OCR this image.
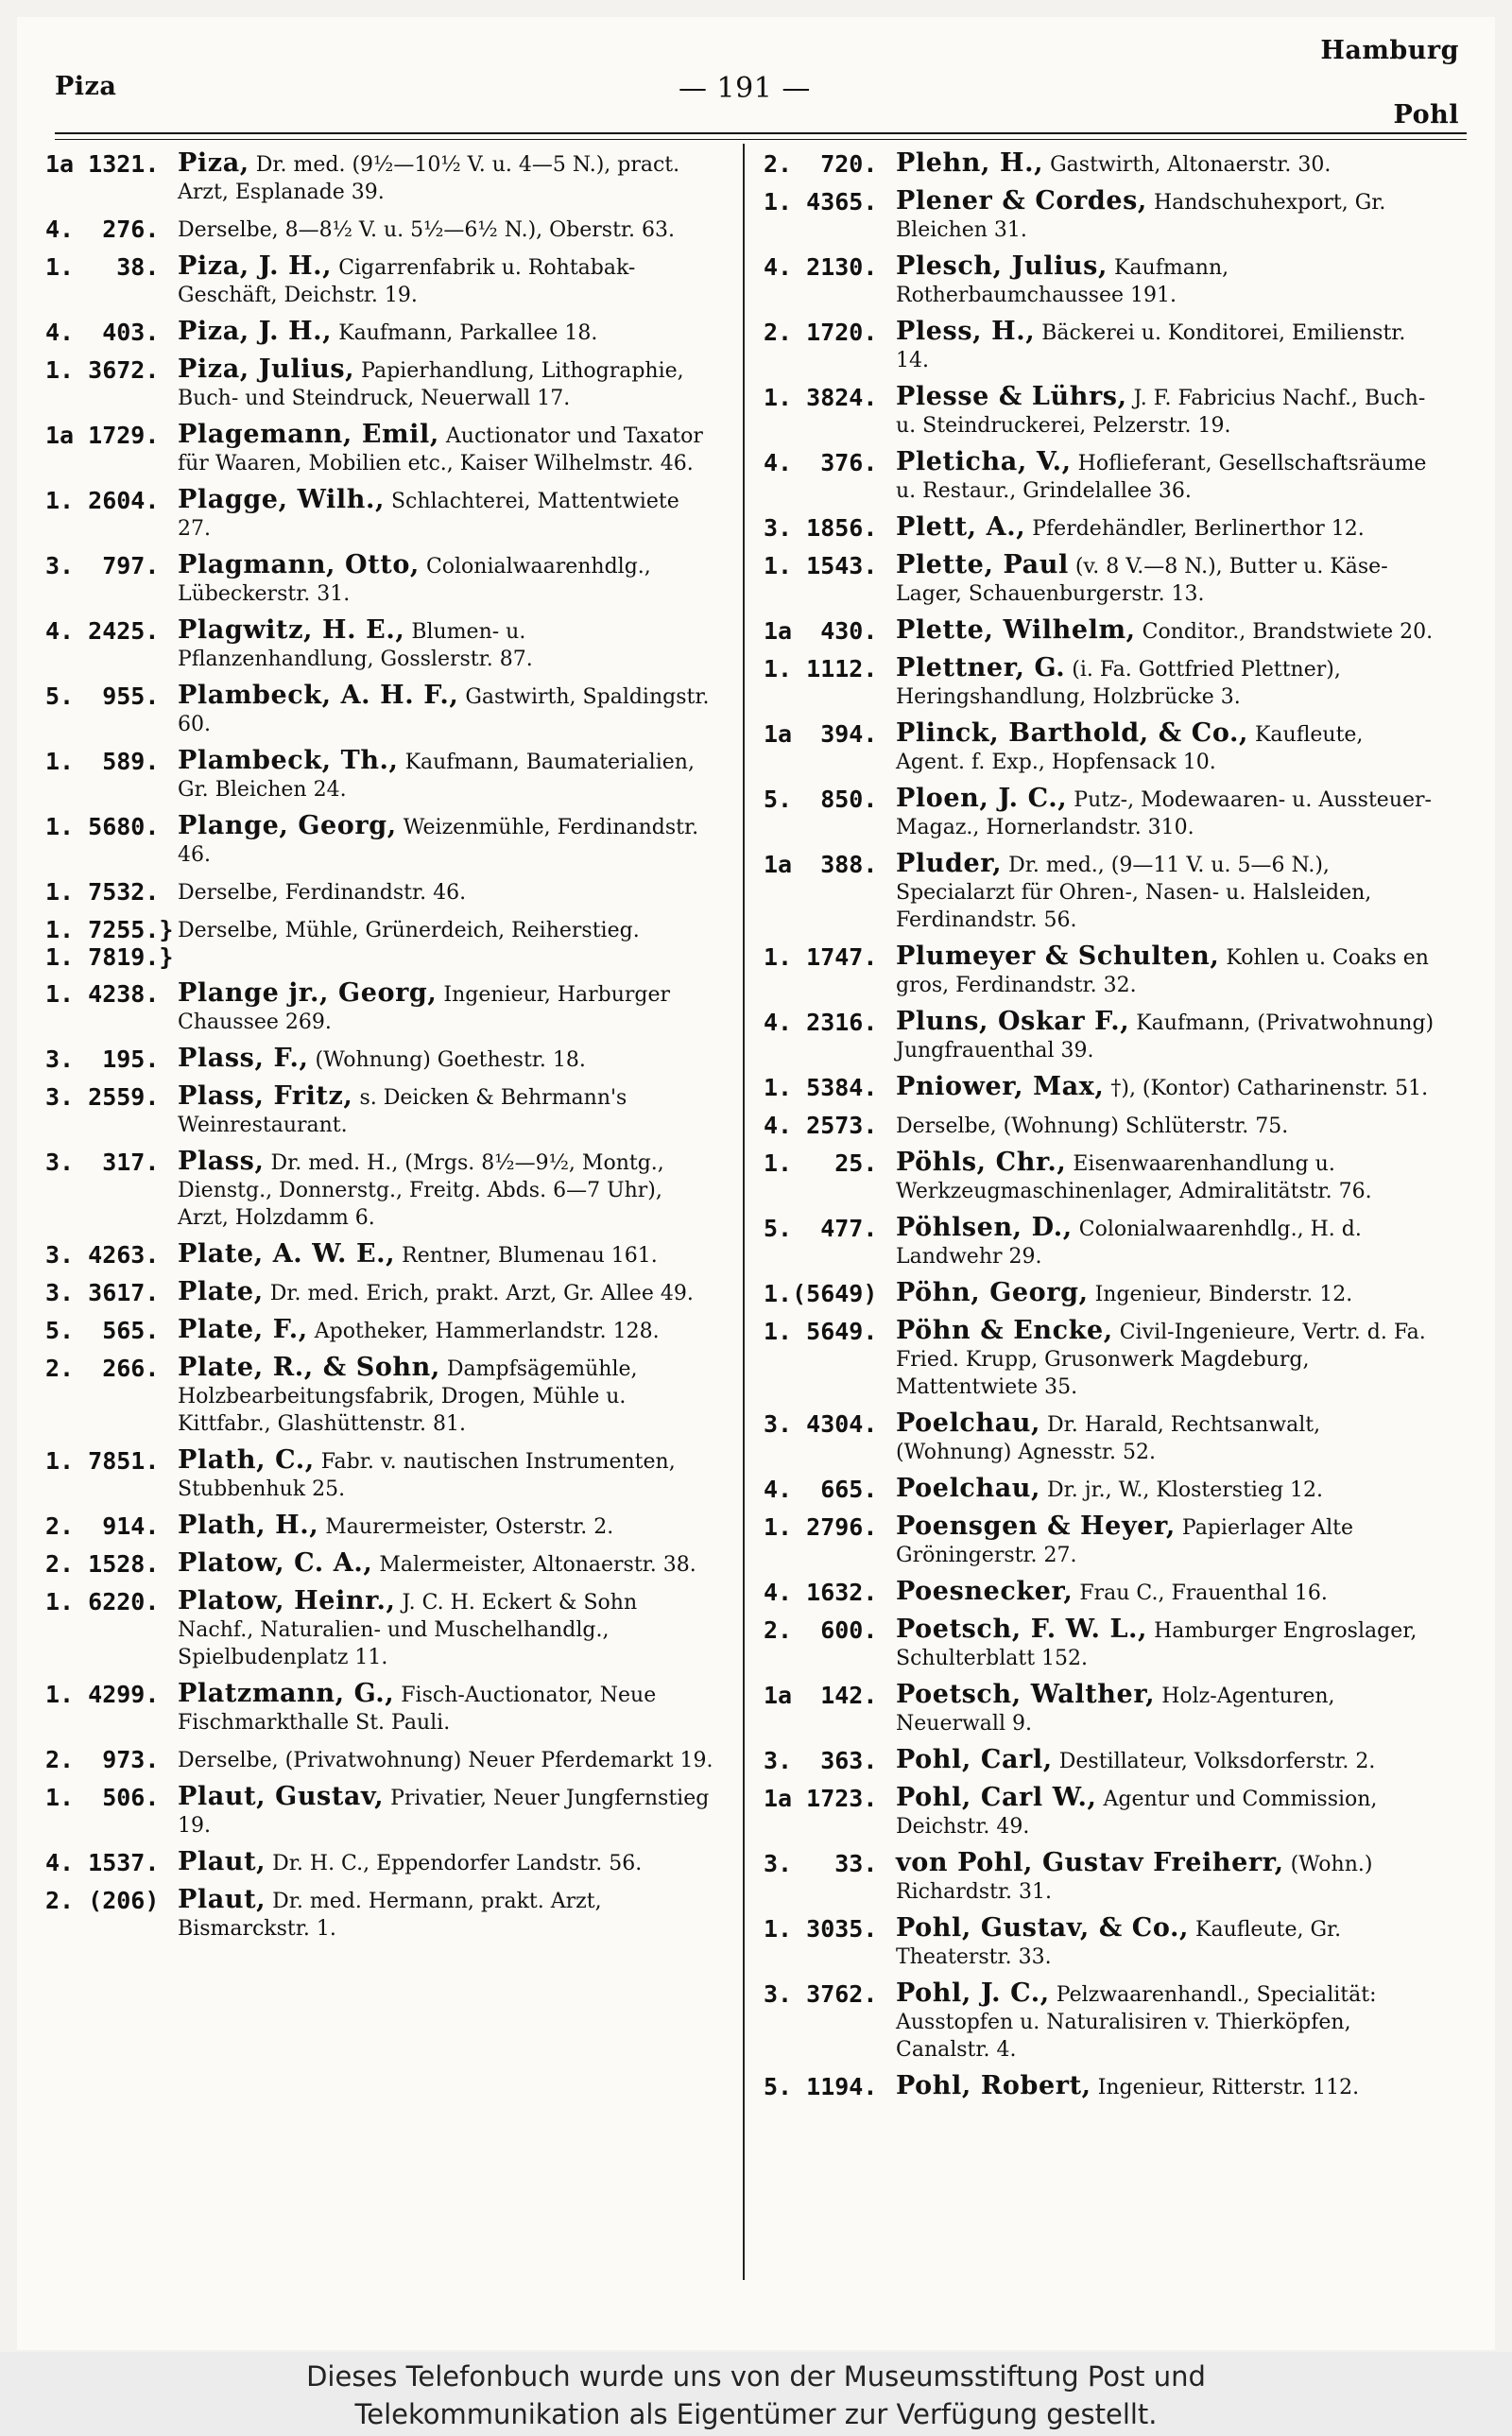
Piza	— 191 —
Hamburg
Pohl
1a 1321. Piza, Dr. med. (9½—10½ V. u. 4—5 N.), pract. Arzt, Esplanade 39.
4.  276. Derselbe, 8—8½ V. u. 5½—6½ N.), Oberstr. 63.
1.   38. Piza, J. H., Cigarrenfabrik u. Rohtabak-Geschäft, Deichstr. 19.
4.  403. Piza, J. H., Kaufmann, Parkallee 18.
1. 3672. Piza, Julius, Papierhandlung, Lithographie, Buch- und Steindruck, Neuerwall 17.
1a 1729. Plagemann, Emil, Auctionator und Taxator für Waaren, Mobilien etc., Kaiser Wilhelmstr. 46.
1. 2604. Plagge, Wilh., Schlachterei, Mattentwiete 27.
3.  797. Plagmann, Otto, Colonialwaarenhdlg., Lübeckerstr. 31.
4. 2425. Plagwitz, H. E., Blumen- u. Pflanzenhandlung, Gosslerstr. 87.
5.  955. Plambeck, A. H. F., Gastwirth, Spaldingstr. 60.
1.  589. Plambeck, Th., Kaufmann, Baumaterialien, Gr. Bleichen 24.
1. 5680. Plange, Georg, Weizenmühle, Ferdinandstr. 46.
1. 7532. Derselbe, Ferdinandstr. 46.
1. 7255.}
1. 7819.}
Derselbe, Mühle, Grünerdeich, Reiherstieg.
1. 4238. Plange jr., Georg, Ingenieur, Harburger Chaussee 269.
3.  195. Plass, F., (Wohnung) Goethestr. 18.
3. 2559. Plass, Fritz, s. Deicken & Behrmann's Weinrestaurant.
3.  317. Plass, Dr. med. H., (Mrgs. 8½—9½, Montg., Dienstg., Donnerstg., Freitg. Abds. 6—7 Uhr), Arzt, Holzdamm 6.
3. 4263. Plate, A. W. E., Rentner, Blumenau 161.
3. 3617. Plate, Dr. med. Erich, prakt. Arzt, Gr. Allee 49.
5.  565. Plate, F., Apotheker, Hammerlandstr. 128.
2.  266. Plate, R., & Sohn, Dampfsägemühle, Holzbearbeitungsfabrik, Drogen, Mühle u. Kittfabr., Glashüttenstr. 81.
1. 7851. Plath, C., Fabr. v. nautischen Instrumenten, Stubbenhuk 25.
2.  914. Plath, H., Maurermeister, Osterstr. 2.
2. 1528. Platow, C. A., Malermeister, Altonaerstr. 38.
1. 6220. Platow, Heinr., J. C. H. Eckert & Sohn Nachf., Naturalien- und Muschelhandlg., Spielbudenplatz 11.
1. 4299. Platzmann, G., Fisch-Auctionator, Neue Fischmarkthalle St. Pauli.
2.  973. Derselbe, (Privatwohnung) Neuer Pferdemarkt 19.
1.  506. Plaut, Gustav, Privatier, Neuer Jungfernstieg 19.
4. 1537. Plaut, Dr. H. C., Eppendorfer Landstr. 56.
2. (206) Plaut, Dr. med. Hermann, prakt. Arzt, Bismarckstr. 1.
2.  720. Plehn, H., Gastwirth, Altonaerstr. 30.
1. 4365. Plener & Cordes, Handschuhexport, Gr. Bleichen 31.
4. 2130. Plesch, Julius, Kaufmann, Rotherbaumchaussee 191.
2. 1720. Pless, H., Bäckerei u. Konditorei, Emilienstr. 14.
1. 3824. Plesse & Lührs, J. F. Fabricius Nachf., Buch- u. Steindruckerei, Pelzerstr. 19.
4.  376. Pleticha, V., Hoflieferant, Gesellschaftsräume u. Restaur., Grindelallee 36.
3. 1856. Plett, A., Pferdehändler, Berlinerthor 12.
1. 1543. Plette, Paul (v. 8 V.—8 N.), Butter u. Käse-Lager, Schauenburgerstr. 13.
1a  430. Plette, Wilhelm, Conditor., Brandstwiete 20.
1. 1112. Plettner, G. (i. Fa. Gottfried Plettner), Heringshandlung, Holzbrücke 3.
1a  394. Plinck, Barthold, & Co., Kaufleute, Agent. f. Exp., Hopfensack 10.
5.  850. Ploen, J. C., Putz-, Modewaaren- u. Aussteuer-Magaz., Hornerlandstr. 310.
1a  388. Pluder, Dr. med., (9—11 V. u. 5—6 N.), Specialarzt für Ohren-, Nasen- u. Halsleiden, Ferdinandstr. 56.
1. 1747. Plumeyer & Schulten, Kohlen u. Coaks en gros, Ferdinandstr. 32.
4. 2316. Pluns, Oskar F., Kaufmann, (Privatwohnung) Jungfrauenthal 39.
1. 5384. Pniower, Max, †), (Kontor) Catharinenstr. 51.
4. 2573. Derselbe, (Wohnung) Schlüterstr. 75.
1.   25. Pöhls, Chr., Eisenwaarenhandlung u. Werkzeugmaschinenlager, Admiralitätstr. 76.
5.  477. Pöhlsen, D., Colonialwaarenhdlg., H. d. Landwehr 29.
1.(5649) Pöhn, Georg, Ingenieur, Binderstr. 12.
1. 5649. Pöhn & Encke, Civil-Ingenieure, Vertr. d. Fa. Fried. Krupp, Grusonwerk Magdeburg, Mattentwiete 35.
3. 4304. Poelchau, Dr. Harald, Rechtsanwalt, (Wohnung) Agnesstr. 52.
4.  665. Poelchau, Dr. jr., W., Klosterstieg 12.
1. 2796. Poensgen & Heyer, Papierlager Alte Gröningerstr. 27.
4. 1632. Poesnecker, Frau C., Frauenthal 16.
2.  600. Poetsch, F. W. L., Hamburger Engroslager, Schulterblatt 152.
1a  142. Poetsch, Walther, Holz-Agenturen, Neuerwall 9.
3.  363. Pohl, Carl, Destillateur, Volksdorferstr. 2.
1a 1723. Pohl, Carl W., Agentur und Commission, Deichstr. 49.
3.   33. von Pohl, Gustav Freiherr, (Wohn.) Richardstr. 31.
1. 3035. Pohl, Gustav, & Co., Kaufleute, Gr. Theaterstr. 33.
3. 3762. Pohl, J. C., Pelzwaarenhandl., Specialität: Ausstopfen u. Naturalisiren v. Thierköpfen, Canalstr. 4.
5. 1194. Pohl, Robert, Ingenieur, Ritterstr. 112.
Dieses Telefonbuch wurde uns von der Museumsstiftung Post und
Telekommunikation als Eigentümer zur Verfügung gestellt.
